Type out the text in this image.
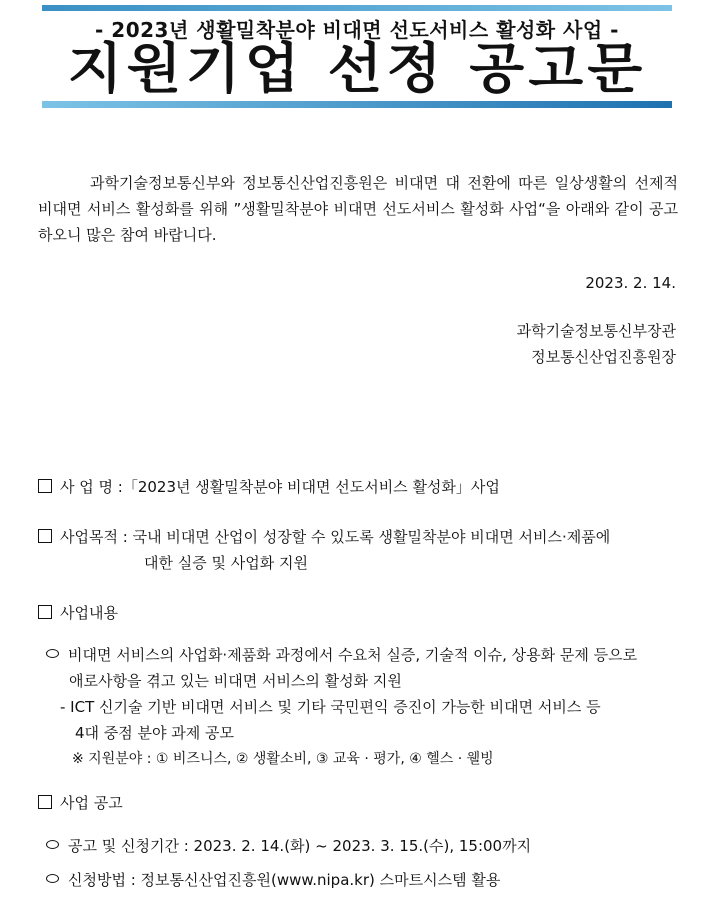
- 2023년 생활밀착분야 비대면 선도서비스 활성화 사업 -
지원기업 선정 공고문
과학기술정보통신부와 정보통신산업진흥원은 비대면 대 전환에 따른 일상생활의 선제적 비대면 서비스 활성화를 위해 ”생활밀착분야 비대면 선도서비스 활성화 사업“을 아래와 같이 공고하오니 많은 참여 바랍니다.
2023. 2. 14.
과학기술정보통신부장관
정보통신산업진흥원장
사 업 명 :「2023년 생활밀착분야 비대면 선도서비스 활성화」사업
사업목적 : 국내 비대면 산업이 성장할 수 있도록 생활밀착분야 비대면 서비스·제품에
대한 실증 및 사업화 지원
사업내용
비대면 서비스의 사업화·제품화 과정에서 수요처 실증, 기술적 이슈, 상용화 문제 등으로
애로사항을 겪고 있는 비대면 서비스의 활성화 지원
- ICT 신기술 기반 비대면 서비스 및 기타 국민편익 증진이 가능한 비대면 서비스 등
4대 중점 분야 과제 공모
※ 지원분야 : ① 비즈니스, ② 생활소비, ③ 교육 · 평가, ④ 헬스 · 웰빙
사업 공고
공고 및 신청기간 : 2023. 2. 14.(화) ~ 2023. 3. 15.(수), 15:00까지
신청방법 : 정보통신산업진흥원(www.nipa.kr) 스마트시스템 활용
